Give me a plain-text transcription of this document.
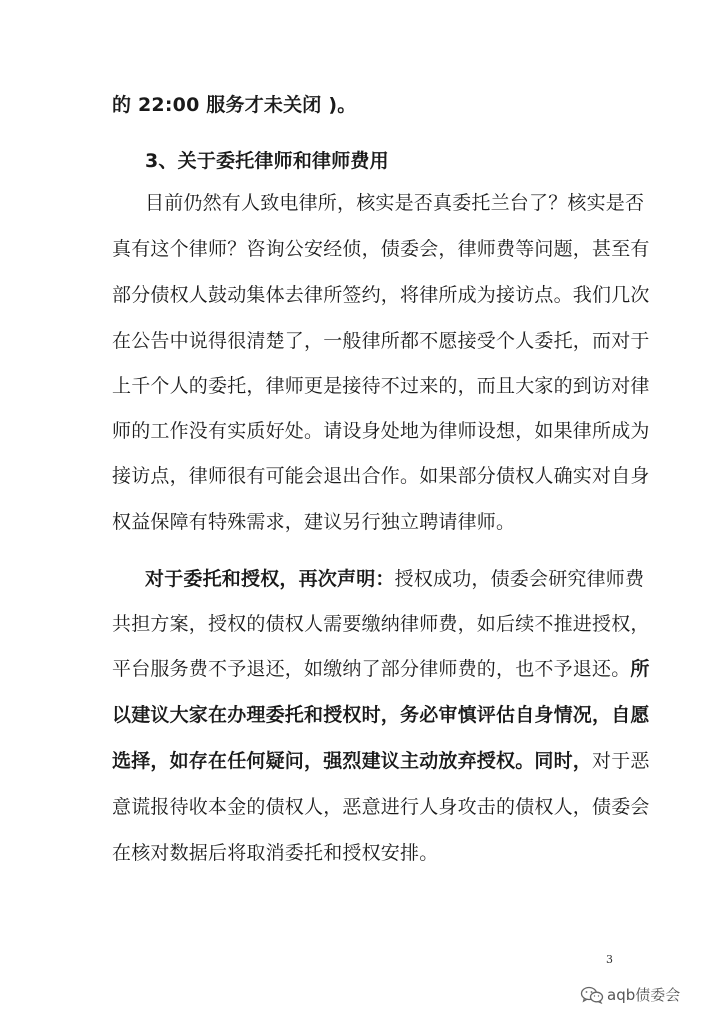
的 22:00 服务才未关闭 )。
3、关于委托律师和律师费用
目前仍然有人致电律所，核实是否真委托兰台了？核实是否
真有这个律师？咨询公安经侦，债委会，律师费等问题，甚至有
部分债权人鼓动集体去律所签约，将律所成为接访点。我们几次
在公告中说得很清楚了，一般律所都不愿接受个人委托，而对于
上千个人的委托，律师更是接待不过来的，而且大家的到访对律
师的工作没有实质好处。请设身处地为律师设想，如果律所成为
接访点，律师很有可能会退出合作。如果部分债权人确实对自身
权益保障有特殊需求，建议另行独立聘请律师。
对于委托和授权，再次声明：授权成功，债委会研究律师费
共担方案，授权的债权人需要缴纳律师费，如后续不推进授权，
平台服务费不予退还，如缴纳了部分律师费的，也不予退还。所
以建议大家在办理委托和授权时，务必审慎评估自身情况，自愿
选择，如存在任何疑问，强烈建议主动放弃授权。同时，对于恶
意谎报待收本金的债权人，恶意进行人身攻击的债权人，债委会
在核对数据后将取消委托和授权安排。
3
aqb债委会
